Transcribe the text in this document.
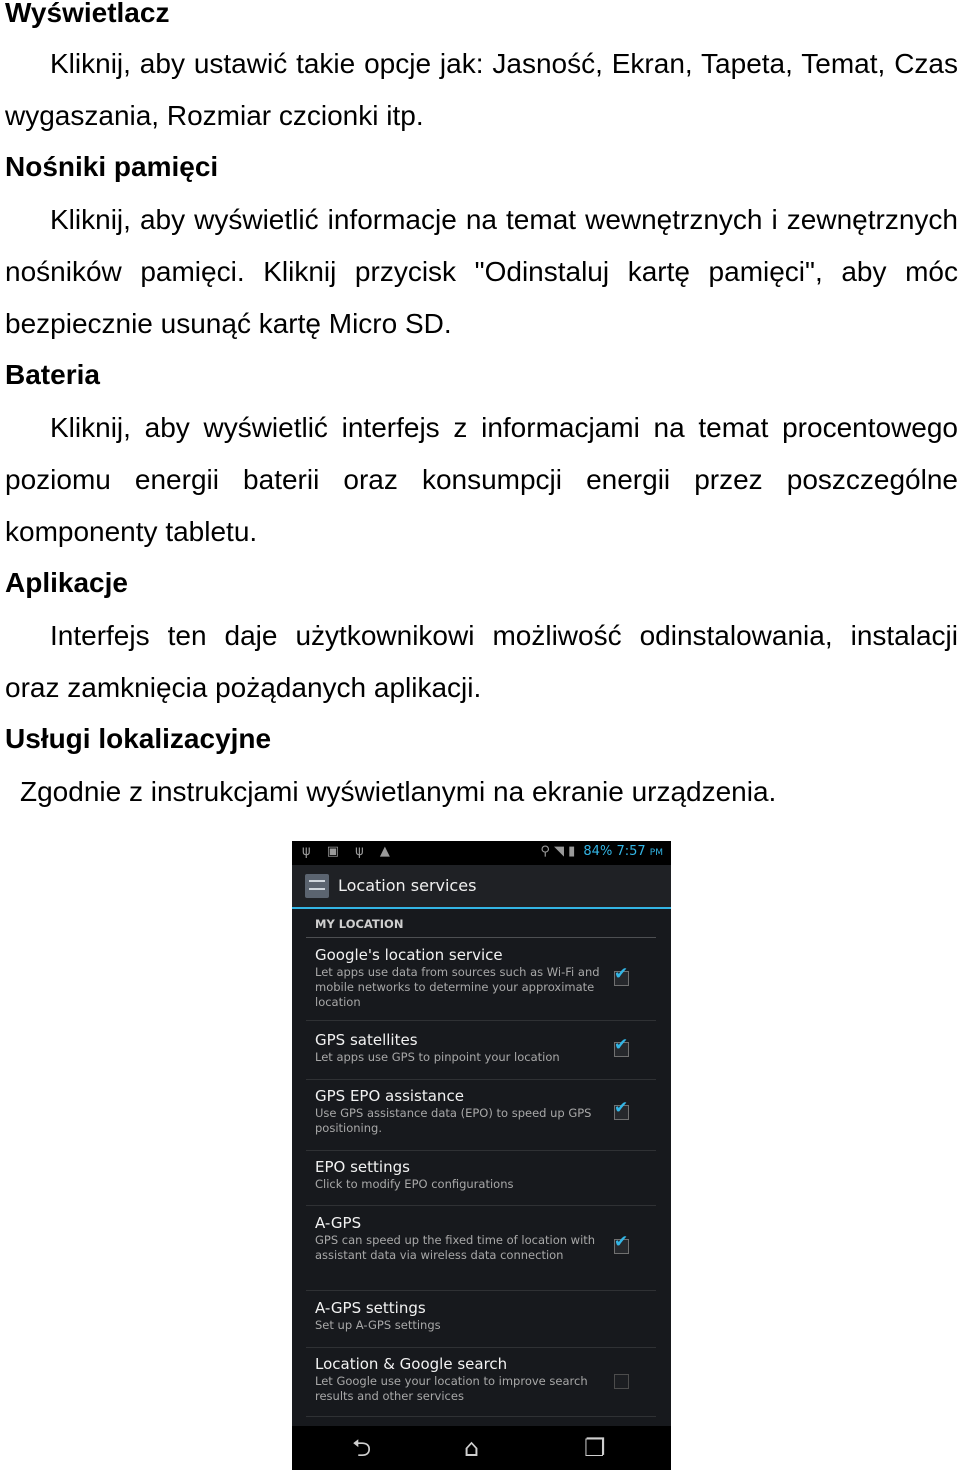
Wyświetlacz
Kliknij, aby ustawić takie opcje jak: Jasność, Ekran, Tapeta, Temat, Czas wygaszania, Rozmiar czcionki itp.
Nośniki pamięci
Kliknij, aby wyświetlić informacje na temat wewnętrznych i zewnętrznych nośników pamięci. Kliknij przycisk "Odinstaluj kartę pamięci", aby móc bezpiecznie usunąć kartę Micro SD.
Bateria
Kliknij, aby wyświetlić interfejs z informacjami na temat procentowego poziomu energii baterii oraz konsumpcji energii przez poszczególne komponenty tabletu.
Aplikacje
Interfejs ten daje użytkownikowi możliwość odinstalowania, instalacji oraz zamknięcia pożądanych aplikacji.
Usługi lokalizacyjne
Zgodnie z instrukcjami wyświetlanymi na ekranie urządzenia.
ψ ▣ ψ ▲	⚲ ◥ ▮ 84% 7:57 PM
Location services
MY LOCATION
Google's location service
Let apps use data from sources such as Wi-Fi and mobile networks to determine your approximate location
✔
GPS satellites
Let apps use GPS to pinpoint your location
✔
GPS EPO assistance
Use GPS assistance data (EPO) to speed up GPS positioning.
✔
EPO settings
Click to modify EPO configurations
A-GPS
GPS can speed up the fixed time of location with assistant data via wireless data connection
✔
A-GPS settings
Set up A-GPS settings
Location & Google search
Let Google use your location to improve search results and other services
⮌	⌂	❐
